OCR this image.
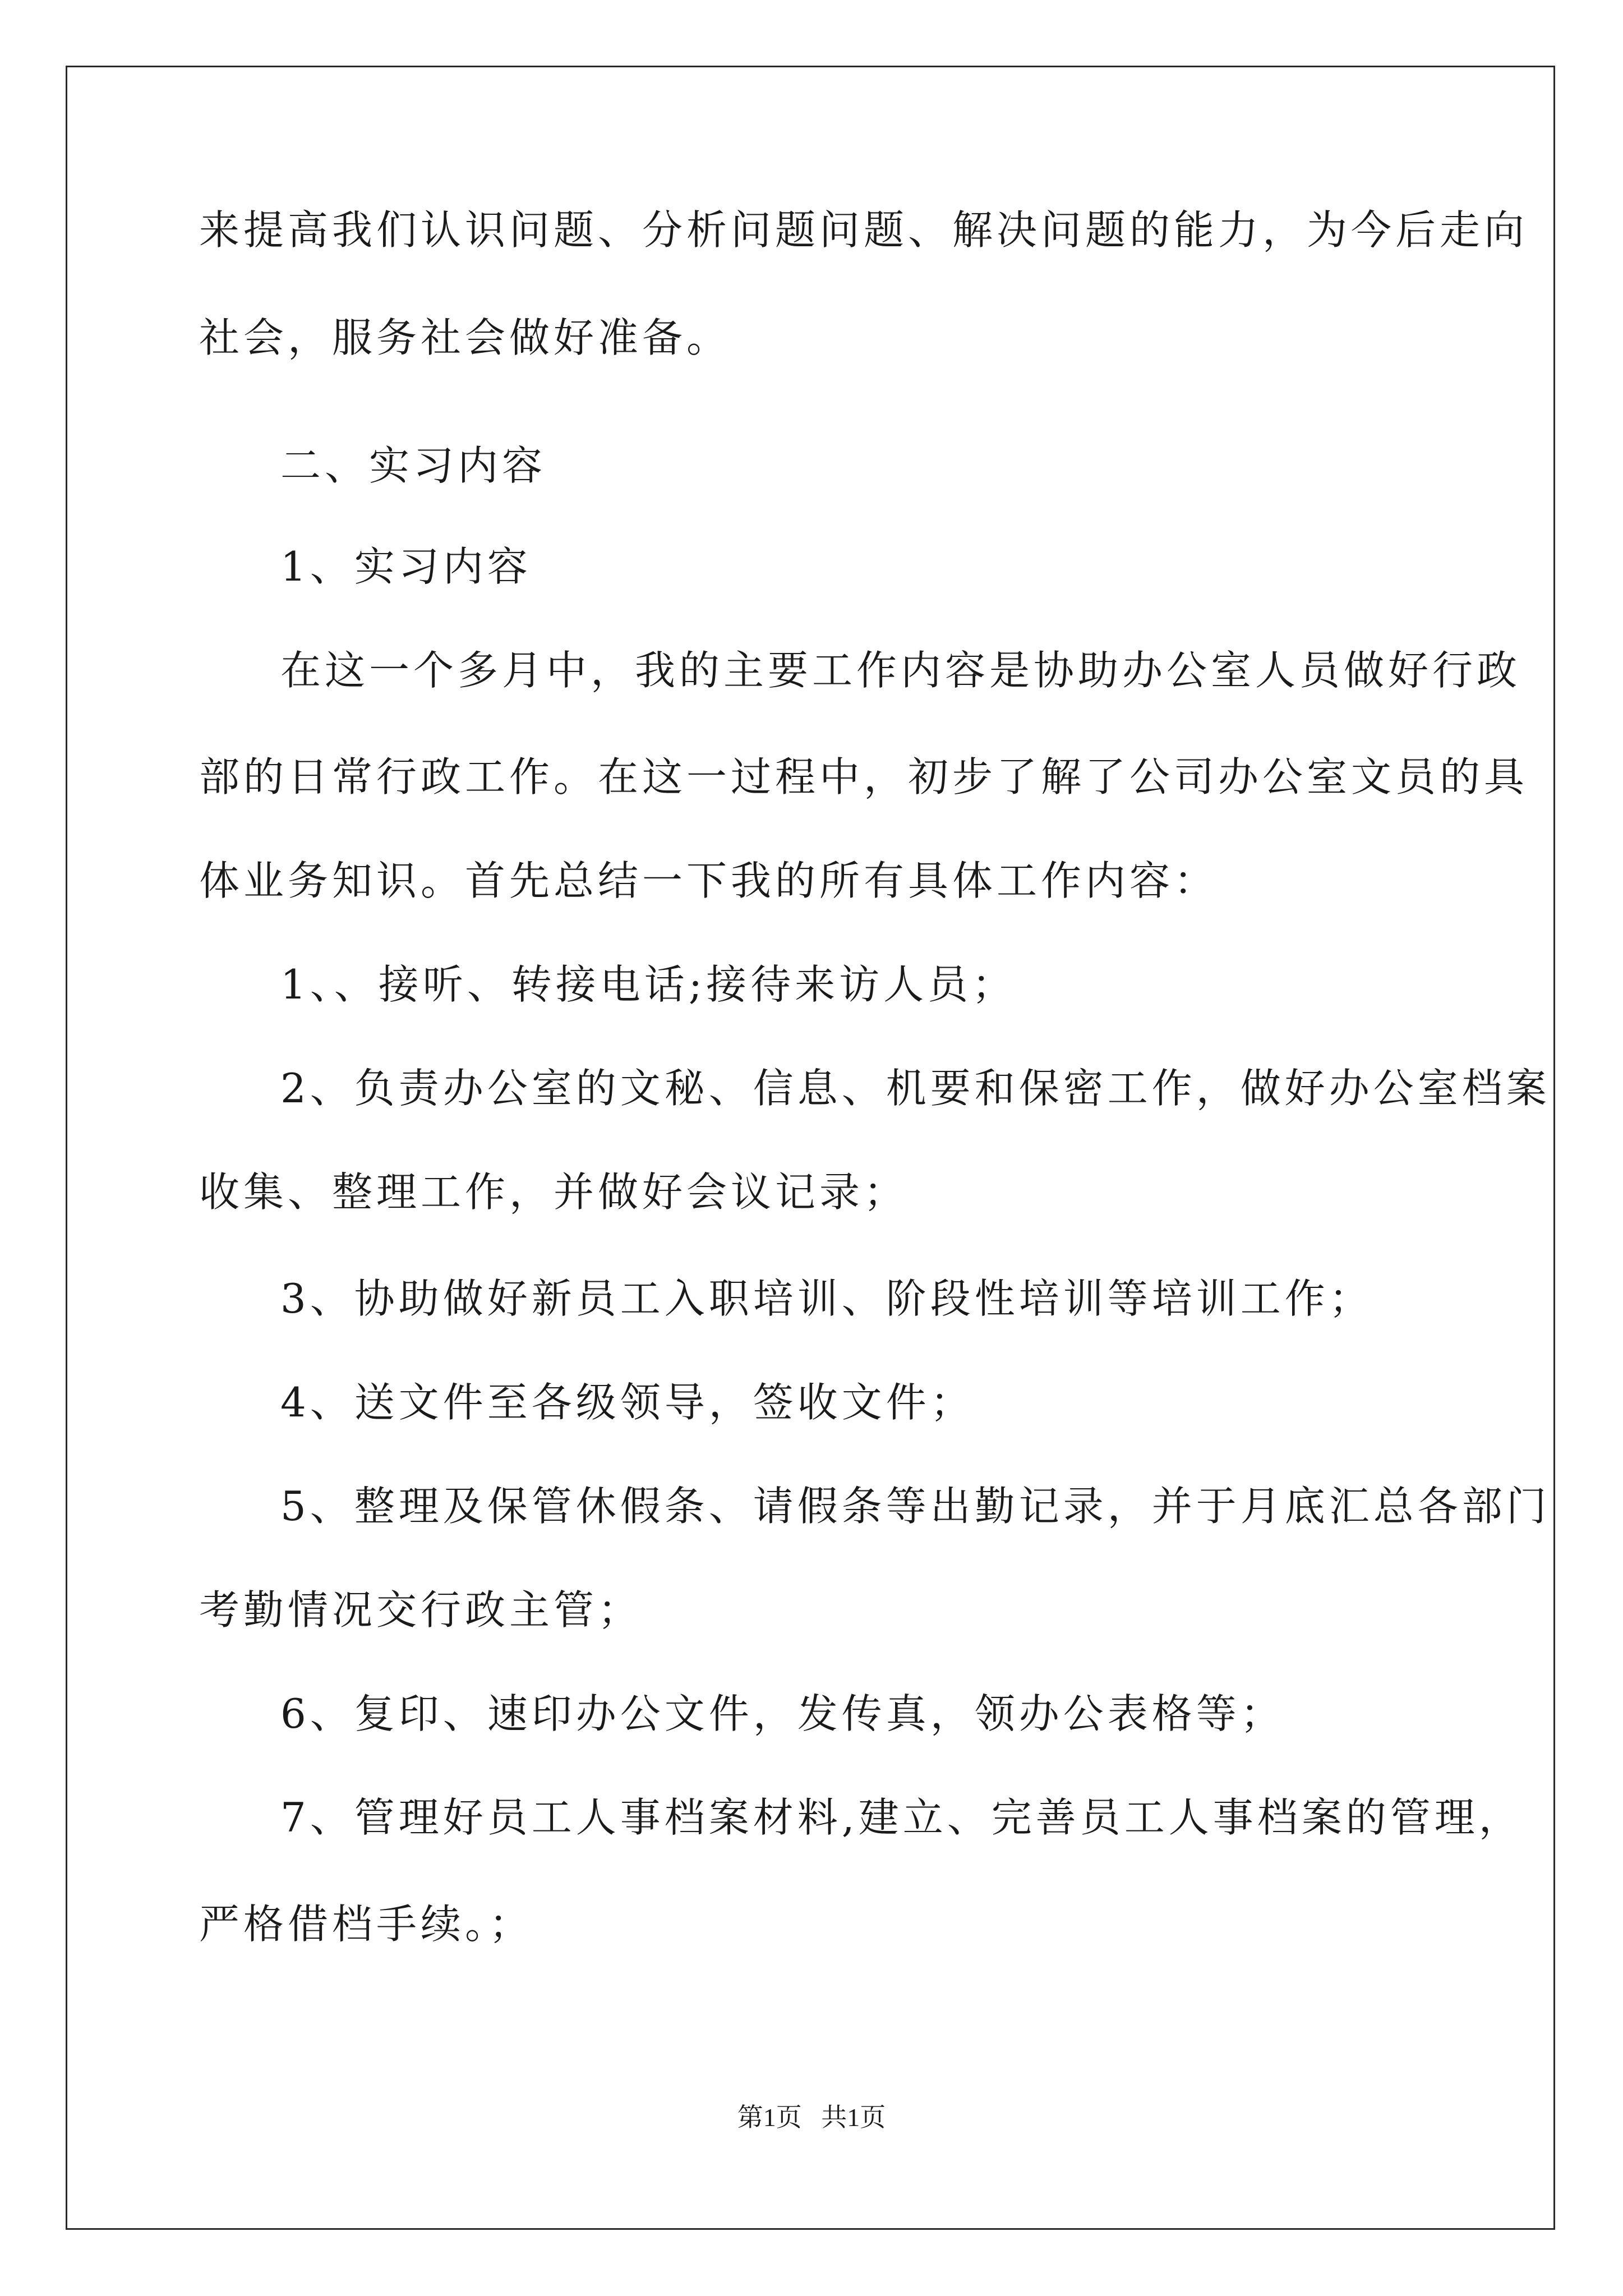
来提高我们认识问题、分析问题问题、解决问题的能力，为今后走向
社会，服务社会做好准备。
二、实习内容
1、实习内容
在这一个多月中，我的主要工作内容是协助办公室人员做好行政
部的日常行政工作。在这一过程中，初步了解了公司办公室文员的具
体业务知识。首先总结一下我的所有具体工作内容：
1、、接听、转接电话;接待来访人员；
2、负责办公室的文秘、信息、机要和保密工作，做好办公室档案
收集、整理工作，并做好会议记录；
3、协助做好新员工入职培训、阶段性培训等培训工作；
4、送文件至各级领导，签收文件；
5、整理及保管休假条、请假条等出勤记录，并于月底汇总各部门
考勤情况交行政主管；
6、复印、速印办公文件，发传真，领办公表格等；
7、管理好员工人事档案材料,建立、完善员工人事档案的管理，
严格借档手续。；
第1页   共1页
